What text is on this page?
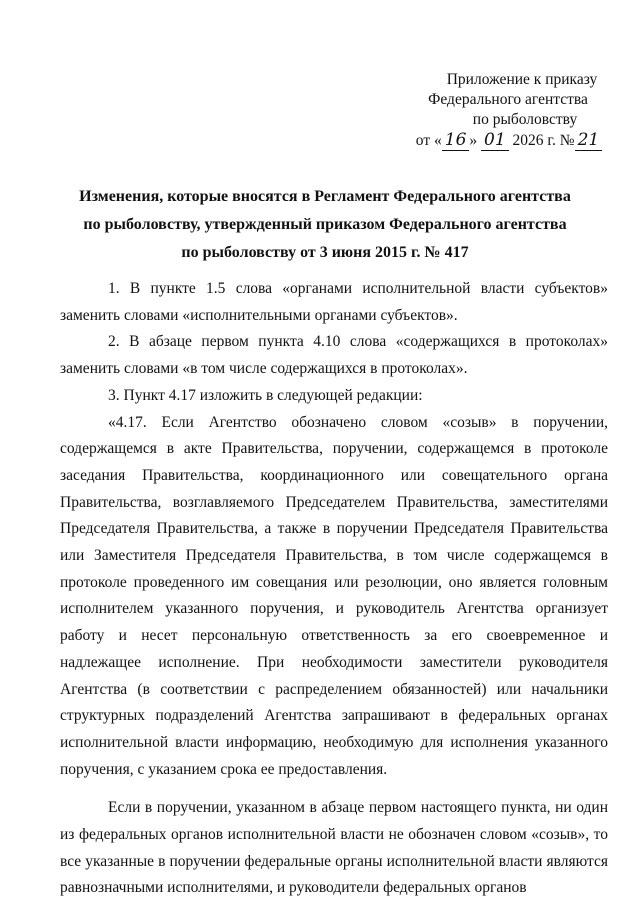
Приложение к приказу
Федерального агентства
по рыболовству
от « 16 » 01 2026 г. № 21
Изменения, которые вносятся в Регламент Федерального агентства
по рыболовству, утвержденный приказом Федерального агентства
по рыболовству от 3 июня 2015 г. № 417

1. В пункте 1.5 слова «органами исполнительной власти субъектов» заменить словами «исполнительными органами субъектов».

2. В абзаце первом пункта 4.10 слова «содержащихся в протоколах» заменить словами «в том числе содержащихся в протоколах».

3. Пункт 4.17 изложить в следующей редакции:

«4.17. Если Агентство обозначено словом «созыв» в поручении, содержащемся в акте Правительства, поручении, содержащемся в протоколе заседания Правительства, координационного или совещательного органа Правительства, возглавляемого Председателем Правительства, заместителями Председателя Правительства, а также в поручении Председателя Правительства или Заместителя Председателя Правительства, в том числе содержащемся в протоколе проведенного им совещания или резолюции, оно является головным исполнителем указанного поручения, и руководитель Агентства организует работу и несет персональную ответственность за его своевременное и надлежащее исполнение. При необходимости заместители руководителя Агентства (в соответствии с распределением обязанностей) или начальники структурных подразделений Агентства запрашивают в федеральных органах исполнительной власти информацию, необходимую для исполнения указанного поручения, с указанием срока ее предоставления.

Если в поручении, указанном в абзаце первом настоящего пункта, ни один из федеральных органов исполнительной власти не обозначен словом «созыв», то все указанные в поручении федеральные органы исполнительной власти являются равнозначными исполнителями, и руководители федеральных органов
